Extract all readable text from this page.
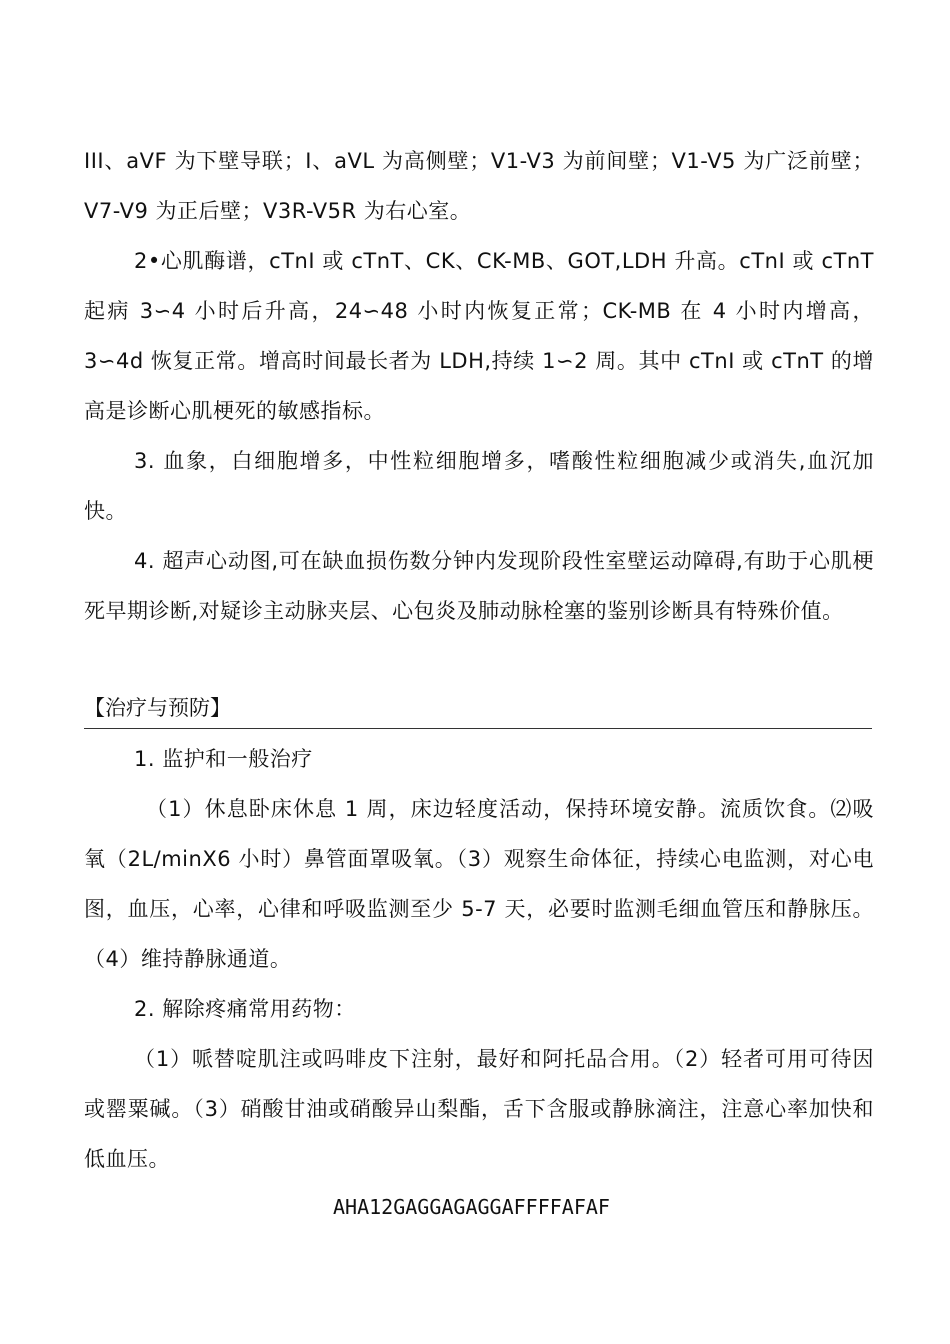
III、aVF 为下壁导联；I、aVL 为高侧壁；V1-V3 为前间壁；V1-V5 为广泛前壁；V7-V9 为正后壁；V3R-V5R 为右心室。

2•心肌酶谱，cTnI 或 cTnT、CK、CK-MB、GOT,LDH 升高。cTnI 或 cTnT 起病 3∽4 小时后升高，24∽48 小时内恢复正常；CK-MB 在 4 小时内增高，3∽4d 恢复正常。增高时间最长者为 LDH,持续 1∽2 周。其中 cTnI 或 cTnT 的增高是诊断心肌梗死的敏感指标。

3. 血象，白细胞增多，中性粒细胞增多，嗜酸性粒细胞减少或消失,血沉加快。

4. 超声心动图,可在缺血损伤数分钟内发现阶段性室壁运动障碍,有助于心肌梗死早期诊断,对疑诊主动脉夹层、心包炎及肺动脉栓塞的鉴别诊断具有特殊价值。

【治疗与预防】

1. 监护和一般治疗

（1）休息卧床休息 1 周，床边轻度活动，保持环境安静。流质饮食。⑵吸氧（2L/minX6 小时）鼻管面罩吸氧。（3）观察生命体征，持续心电监测，对心电图，血压，心率，心律和呼吸监测至少 5-7 天，必要时监测毛细血管压和静脉压。（4）维持静脉通道。

2. 解除疼痛常用药物：

（1）哌替啶肌注或吗啡皮下注射，最好和阿托品合用。（2）轻者可用可待因或罂粟碱。（3）硝酸甘油或硝酸异山梨酯，舌下含服或静脉滴注，注意心率加快和低血压。

AHA12GAGGAGAGGAFFFFAFAF
